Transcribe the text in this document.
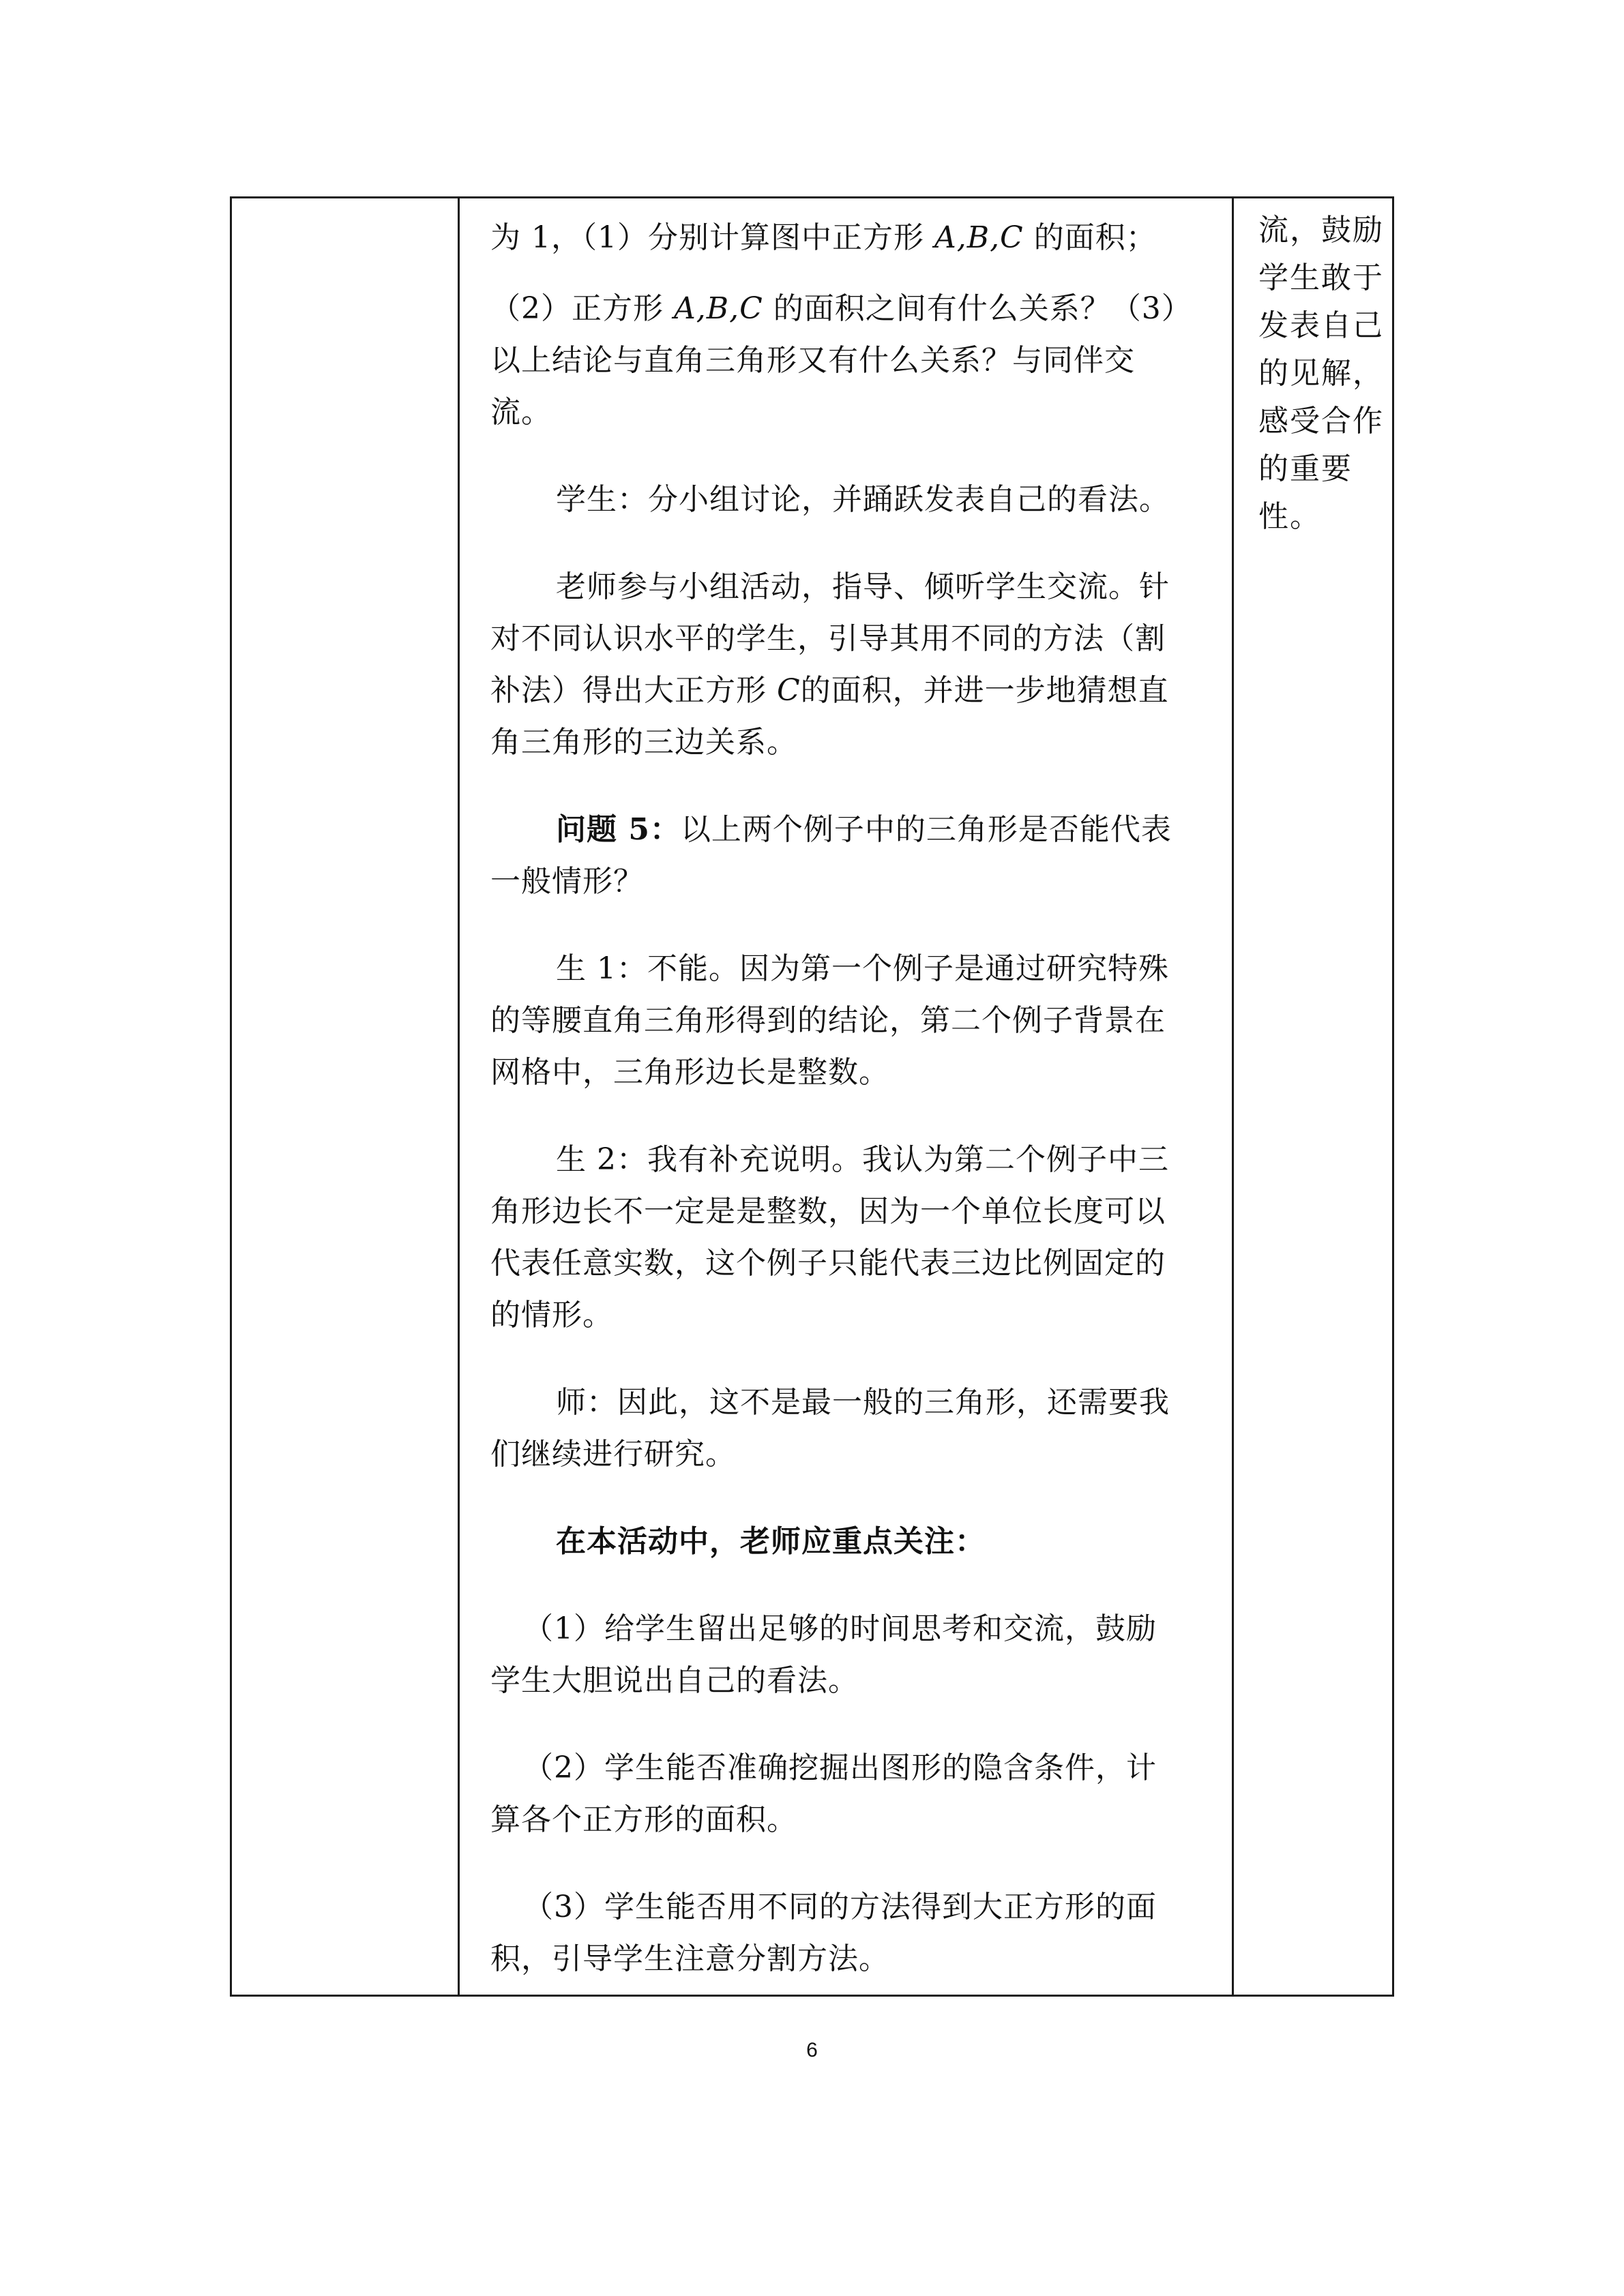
为 1，（1）分别计算图中正方形 A,B,C 的面积；

（2）正方形 A,B,C 的面积之间有什么关系？（3）以上结论与直角三角形又有什么关系？与同伴交流。

学生：分小组讨论，并踊跃发表自己的看法。

老师参与小组活动，指导、倾听学生交流。针对不同认识水平的学生，引导其用不同的方法（割补法）得出大正方形 C的面积，并进一步地猜想直角三角形的三边关系。

问题 5：以上两个例子中的三角形是否能代表一般情形？

生 1：不能。因为第一个例子是通过研究特殊的等腰直角三角形得到的结论，第二个例子背景在网格中，三角形边长是整数。

生 2：我有补充说明。我认为第二个例子中三角形边长不一定是是整数，因为一个单位长度可以代表任意实数，这个例子只能代表三边比例固定的的情形。

师：因此，这不是最一般的三角形，还需要我们继续进行研究。

在本活动中，老师应重点关注：

（1）给学生留出足够的时间思考和交流，鼓励学生大胆说出自己的看法。

（2）学生能否准确挖掘出图形的隐含条件，计算各个正方形的面积。

（3）学生能否用不同的方法得到大正方形的面积，引导学生注意分割方法。

流，鼓励学生敢于发表自己的见解，感受合作的重要性。

6
